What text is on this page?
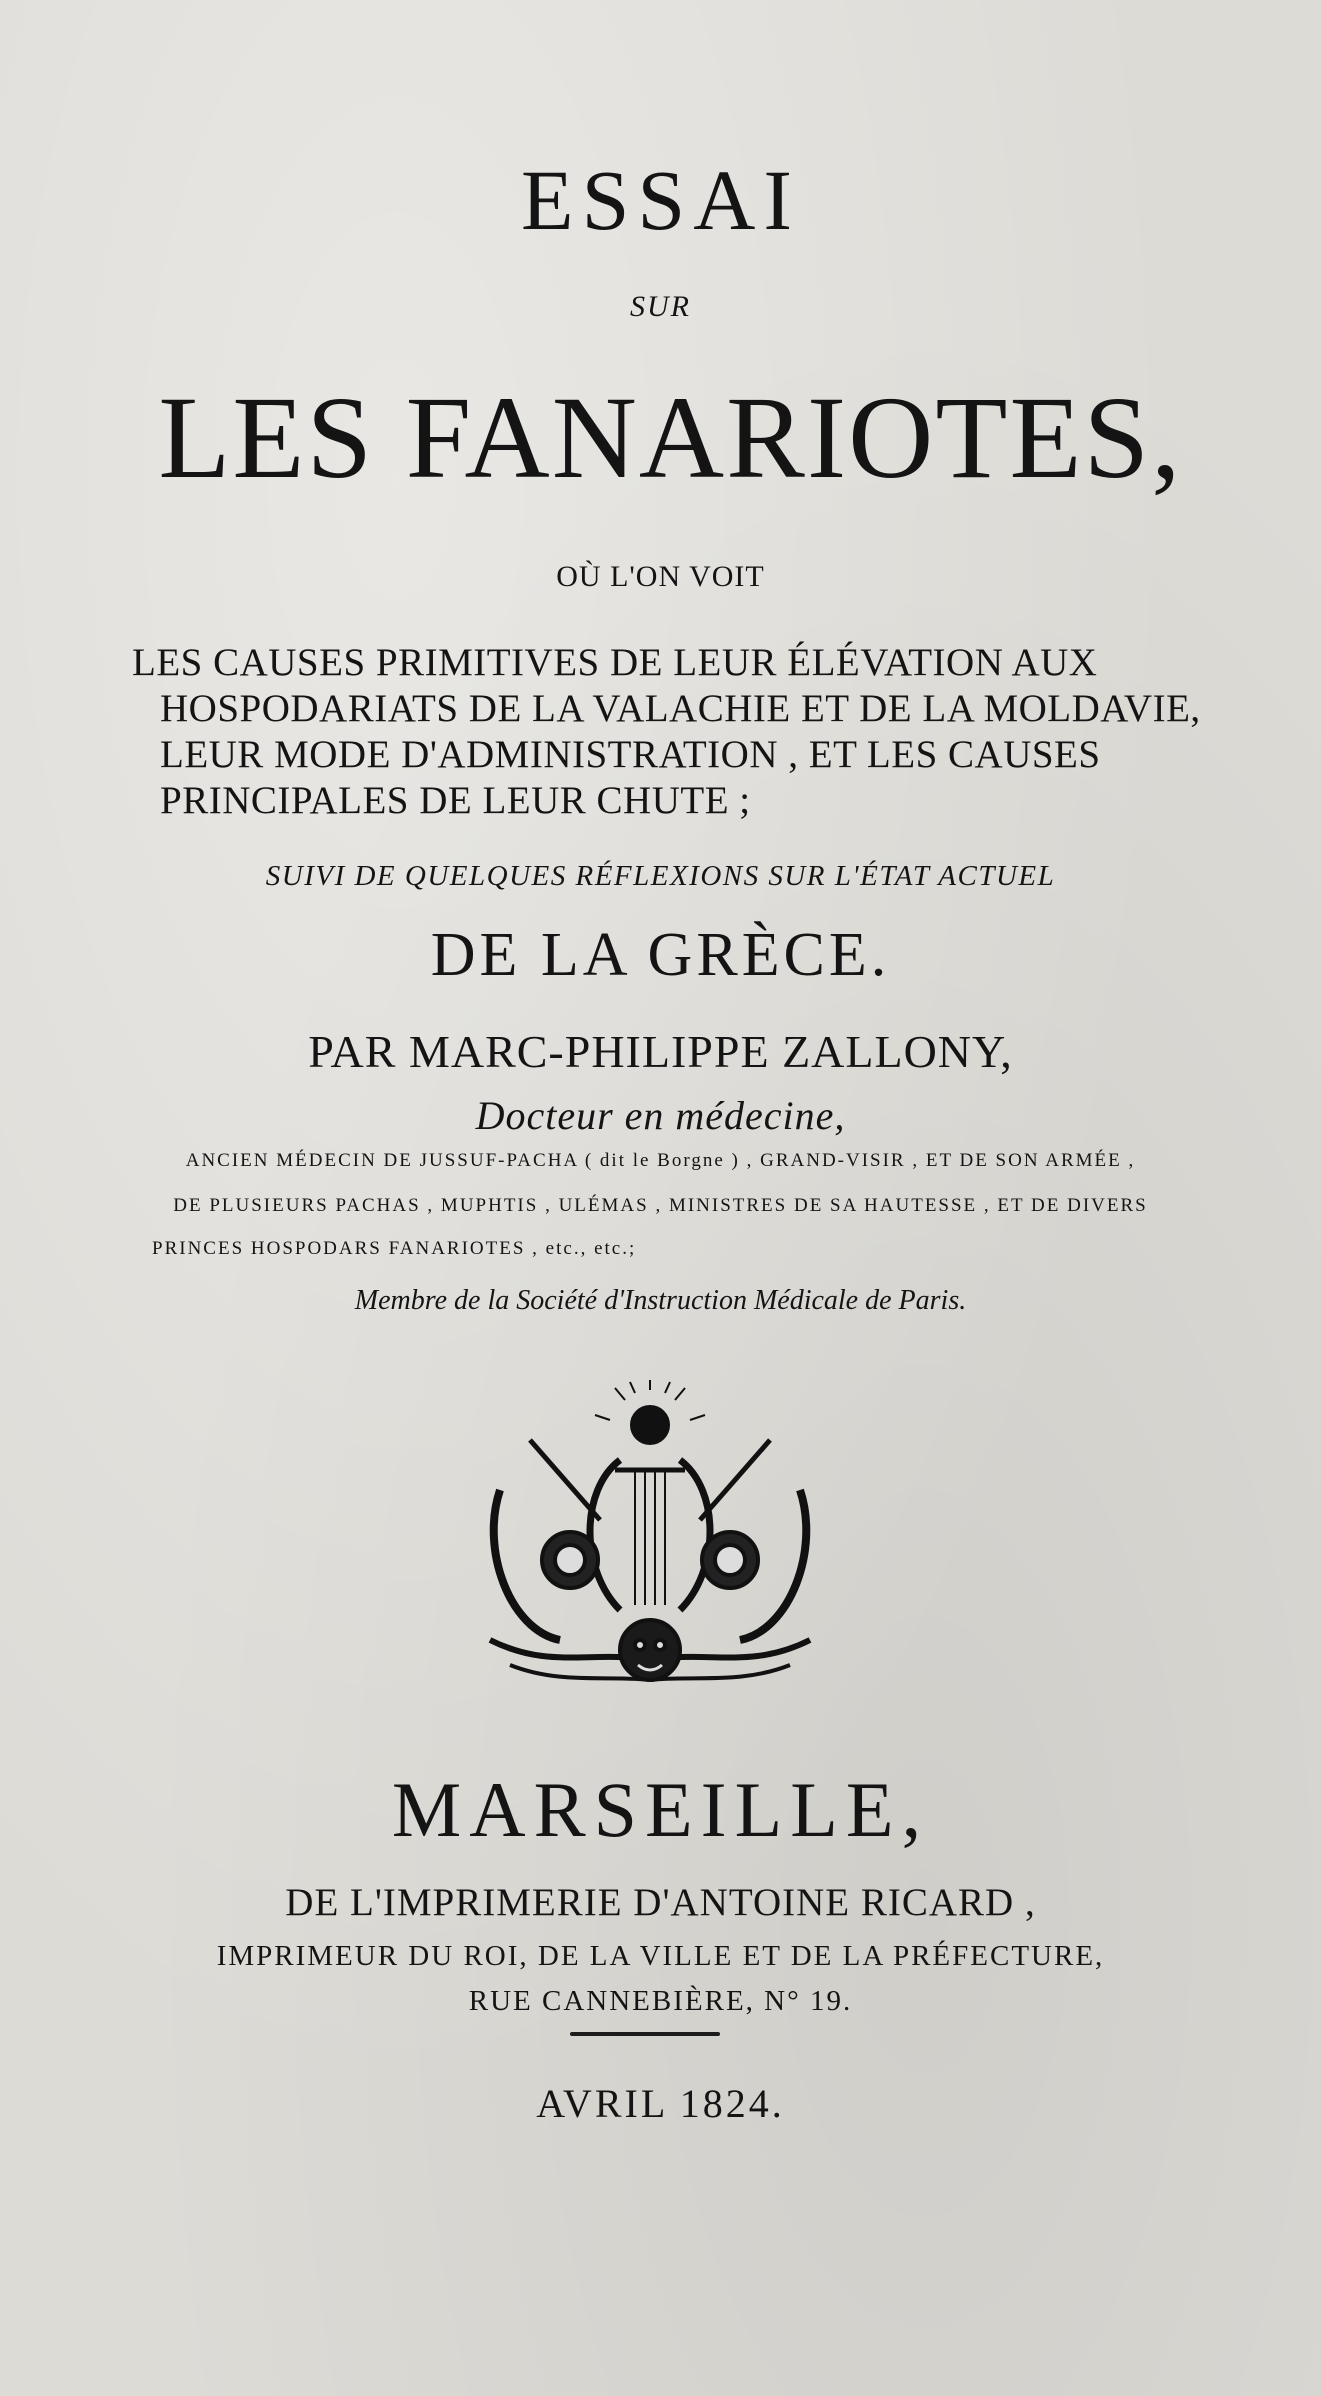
ESSAI
SUR
LES FANARIOTES,
OÙ L'ON VOIT
LES CAUSES PRIMITIVES DE LEUR ÉLÉVATION AUX
HOSPODARIATS DE LA VALACHIE ET DE LA MOLDAVIE,
LEUR MODE D'ADMINISTRATION , ET LES CAUSES
PRINCIPALES DE LEUR CHUTE ;
SUIVI DE QUELQUES RÉFLEXIONS SUR L'ÉTAT ACTUEL
DE LA GRÈCE.
PAR MARC-PHILIPPE ZALLONY,
Docteur en médecine,
ANCIEN MÉDECIN DE JUSSUF-PACHA ( dit le Borgne ) , GRAND-VISIR , ET DE SON ARMÉE ,
DE PLUSIEURS PACHAS , MUPHTIS , ULÉMAS , MINISTRES DE SA HAUTESSE , ET DE DIVERS
PRINCES HOSPODARS FANARIOTES , etc., etc.;
Membre de la Société d'Instruction Médicale de Paris.
MARSEILLE,
DE L'IMPRIMERIE D'ANTOINE RICARD ,
IMPRIMEUR DU ROI, DE LA VILLE ET DE LA PRÉFECTURE,
RUE CANNEBIÈRE, N° 19.
AVRIL 1824.
